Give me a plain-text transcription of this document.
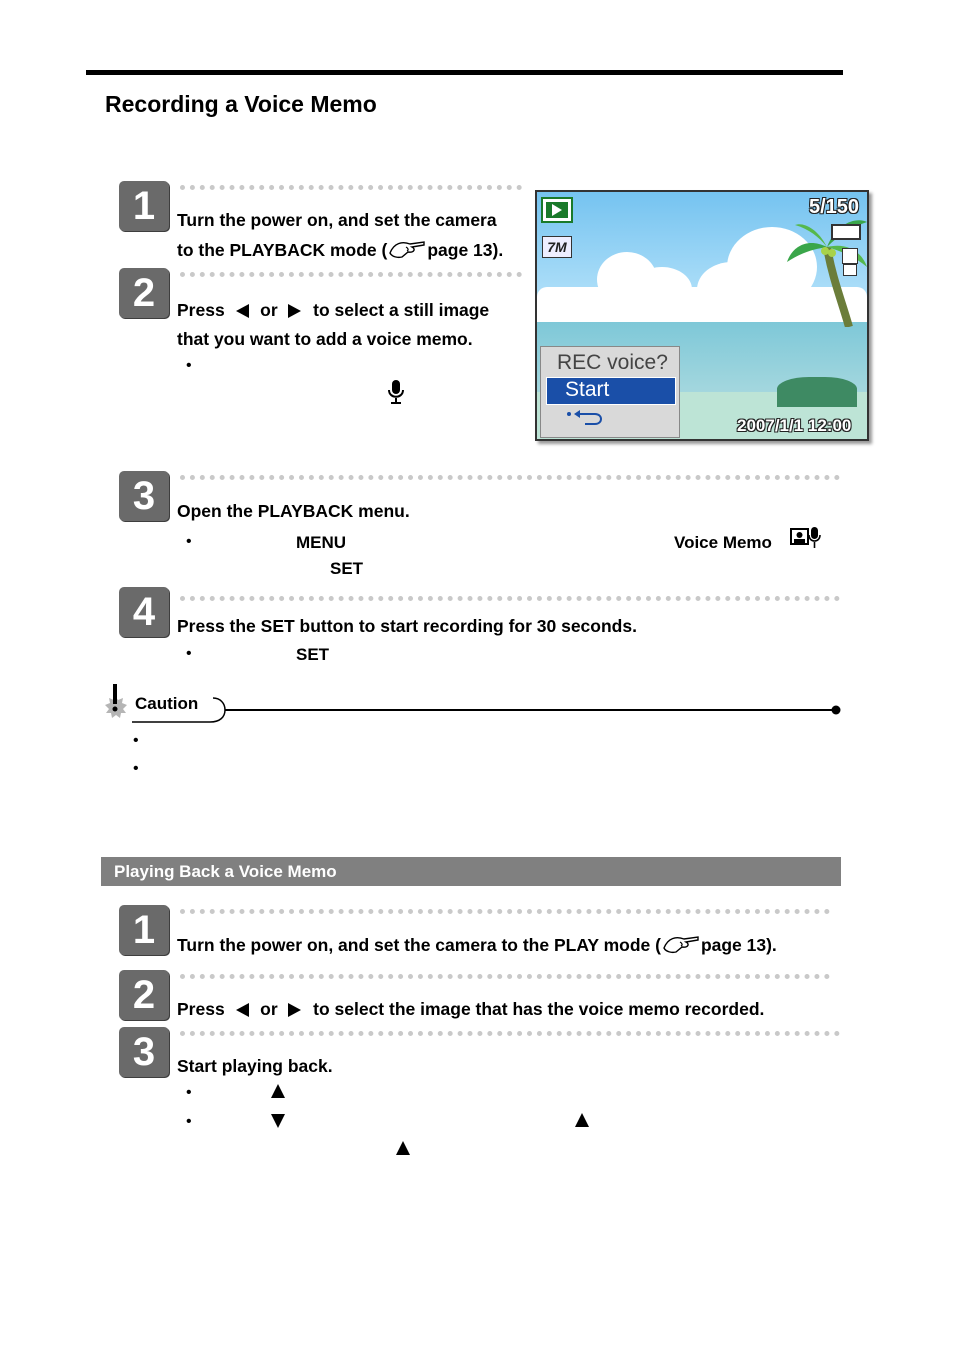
Recording a Voice Memo
1	Turn the power on, and set the camera
to the PLAYBACK mode ( page 13).
2	Press or to select a still image
that you want to add a voice memo.
•
5/150
7M
REC voice?
Start
2007/1/1 12:00
3	Open the PLAYBACK menu.
•	MENU	Voice Memo
SET
4	Press the SET button to start recording for 30 seconds.
•	SET
Caution
•
•
Playing Back a Voice Memo
1	Turn the power on, and set the camera to the PLAY mode ( page 13).
2	Press or to select the image that has the voice memo recorded.
3	Start playing back.
•
•
